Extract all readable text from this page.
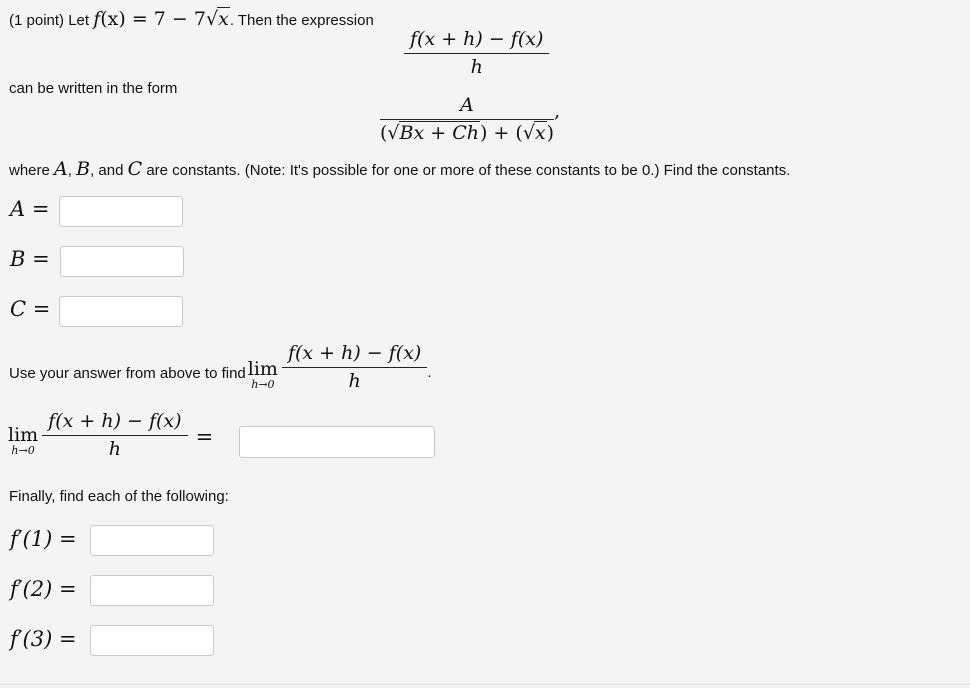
(1 point) Let f(x) = 7 − 7√x. Then the expression
f(x + h) − f(x)
h
can be written in the form
$\frac{A}{(√Bx + Ch) + (√x)}$ ,
where A, B, and C are constants. (Note: It's possible for one or more of these constants to be 0.) Find the constants.
A =
B =
C =
Use your answer from above to find lim
$h\to 0 \frac{f(x + h) - f(x)}{h}$ .
lim
$h\to 0 \frac{f(x + h) - f(x)}{h}$ =
Finally, find each of the following:
f′(1) =
f′(2) =
f′(3) =
